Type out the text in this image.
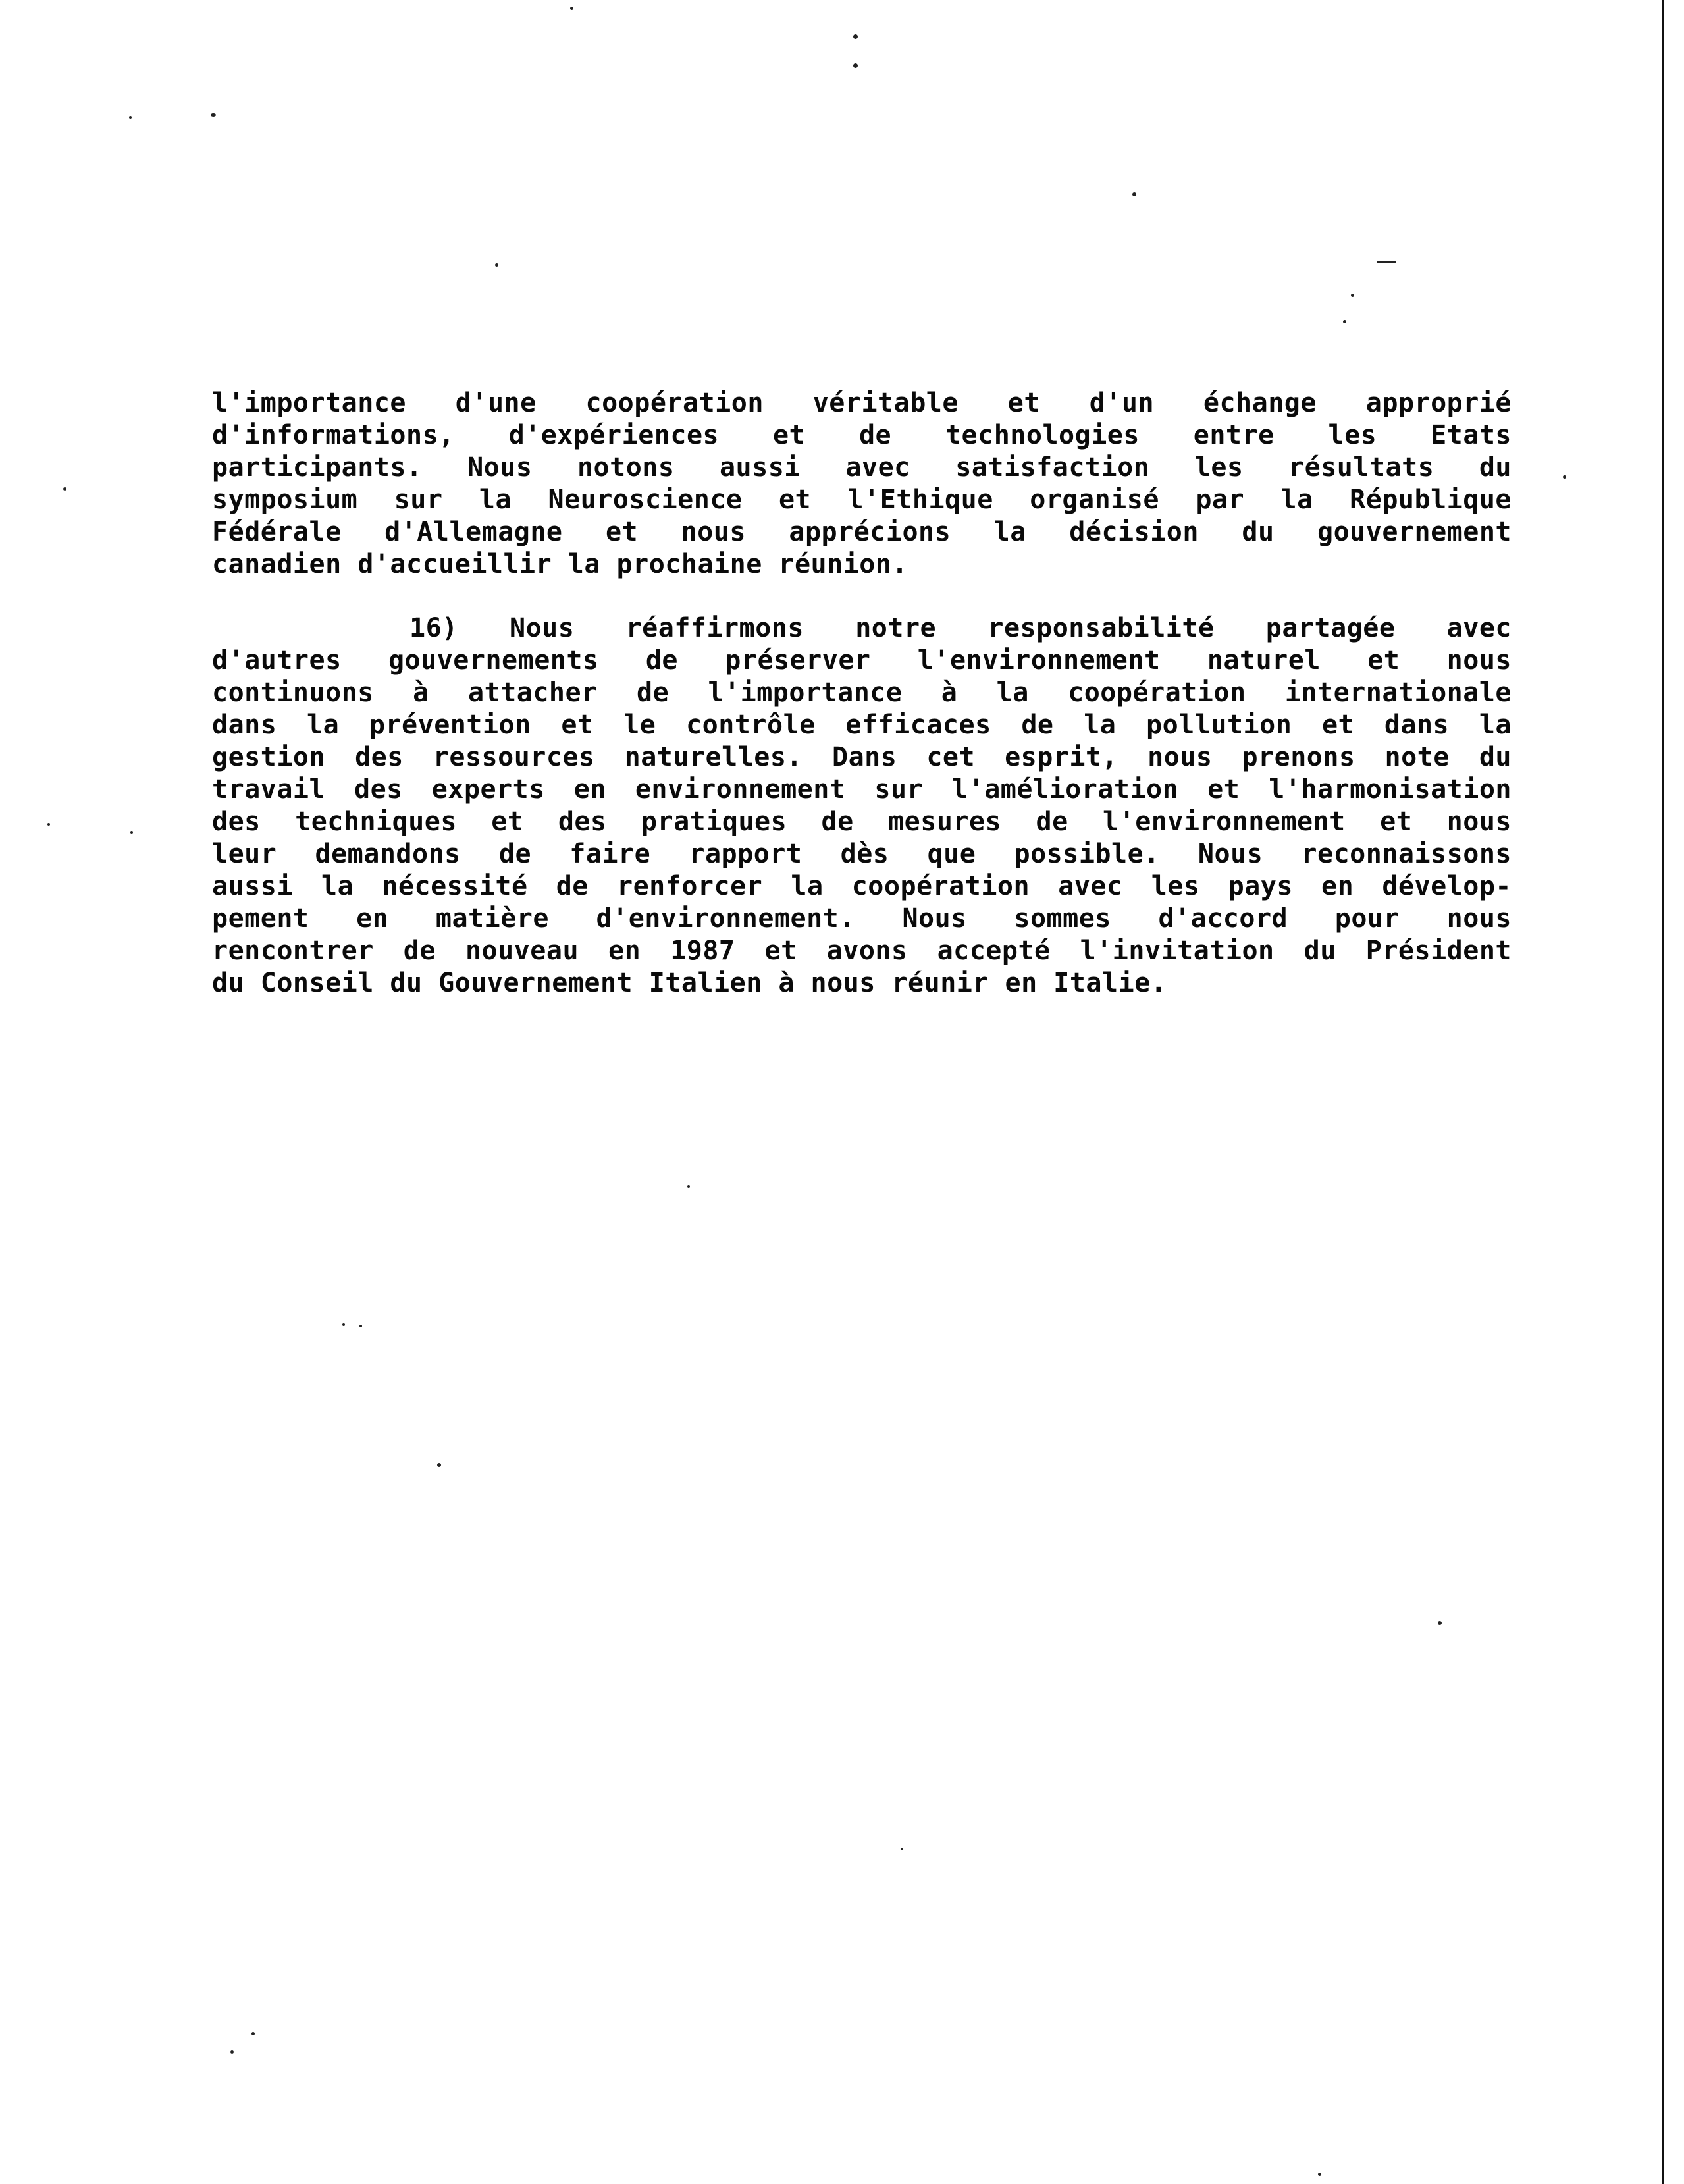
l'importance d'une coopération véritable et d'un échange approprié
d'informations, d'expériences et de technologies entre les Etats
participants. Nous notons aussi avec satisfaction les résultats du
symposium sur la Neuroscience et l'Ethique organisé par la République
Fédérale d'Allemagne et nous apprécions la décision du gouvernement
canadien d'accueillir la prochaine réunion.
16) Nous réaffirmons notre responsabilité partagée avec
d'autres gouvernements de préserver l'environnement naturel et nous
continuons à attacher de l'importance à la coopération internationale
dans la prévention et le contrôle efficaces de la pollution et dans la
gestion des ressources naturelles. Dans cet esprit, nous prenons note du
travail des experts en environnement sur l'amélioration et l'harmonisation
des techniques et des pratiques de mesures de l'environnement et nous
leur demandons de faire rapport dès que possible. Nous reconnaissons
aussi la nécessité de renforcer la coopération avec les pays en dévelop-
pement en matière d'environnement. Nous sommes d'accord pour nous
rencontrer de nouveau en 1987 et avons accepté l'invitation du Président
du Conseil du Gouvernement Italien à nous réunir en Italie.
